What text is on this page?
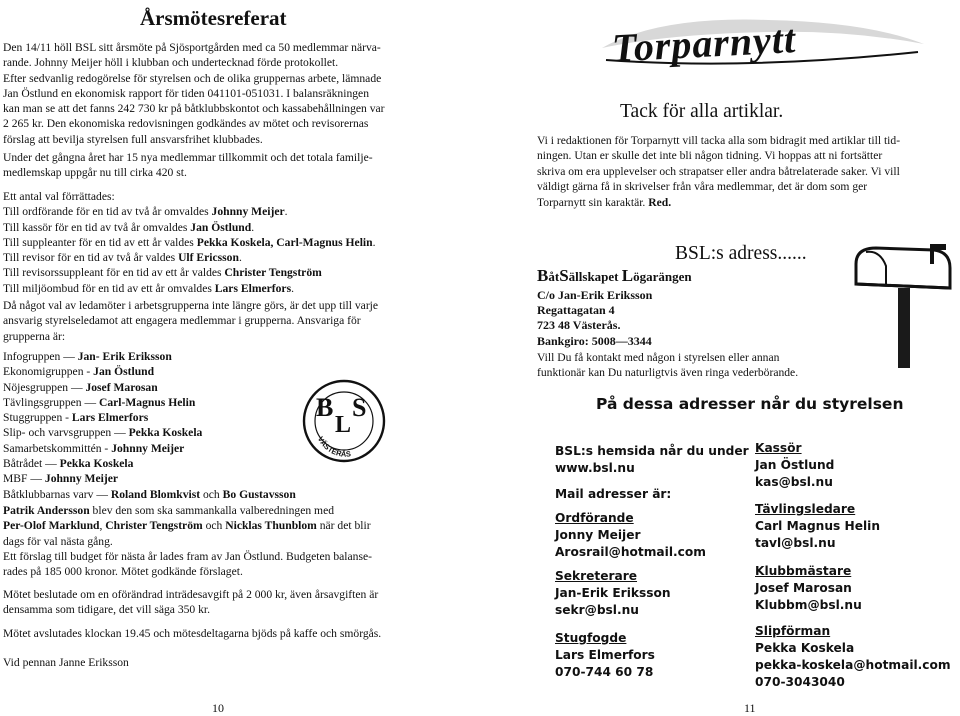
Årsmötesreferat

Den 14/11 höll BSL sitt årsmöte på Sjösportgården med ca 50 medlemmar närva-

rande. Johnny Meijer höll i klubban och undertecknad förde protokollet.

Efter sedvanlig redogörelse för styrelsen och de olika gruppernas arbete, lämnade

Jan Östlund en ekonomisk rapport för tiden 041101-051031. I balansräkningen

kan man se att det fanns 242 730 kr på båtklubbskontot och kassabehållningen var

2 265 kr. Den ekonomiska redovisningen godkändes av mötet och revisorernas

förslag att bevilja styrelsen full ansvarsfrihet klubbades.

Under det gångna året har 15 nya medlemmar tillkommit och det totala familje-

medlemskap uppgår nu till cirka 420 st.

Ett antal val förrättades:

Till ordförande för en tid av två år omvaldes Johnny Meijer.

Till kassör för en tid av två år omvaldes Jan Östlund.

Till suppleanter för en tid av ett år valdes Pekka Koskela, Carl-Magnus Helin.

Till revisor för en tid av två år valdes Ulf Ericsson.

Till revisorssuppleant för en tid av ett år valdes Christer Tengström

Till miljöombud för en tid av ett år omvaldes Lars Elmerfors.

Då något val av ledamöter i arbetsgrupperna inte längre görs, är det upp till varje

ansvarig styrelseledamot att engagera medlemmar i grupperna. Ansvariga för

grupperna är:

Infogruppen — Jan- Erik Eriksson

Ekonomigruppen - Jan Östlund

Nöjesgruppen — Josef Marosan

Tävlingsgruppen — Carl-Magnus Helin

Stuggruppen - Lars Elmerfors

Slip- och varvsgruppen — Pekka Koskela

Samarbetskommittén - Johnny Meijer

Båtrådet — Pekka Koskela

MBF — Johnny Meijer

Båtklubbarnas varv — Roland Blomkvist och Bo Gustavsson

B
L
S
VÄSTERÅS

Patrik Andersson blev den som ska sammankalla valberedningen med

Per-Olof Marklund, Christer Tengström och Nicklas Thunblom när det blir

dags för val nästa gång.

Ett förslag till budget för nästa år lades fram av Jan Östlund. Budgeten balanse-

rades på 185 000 kronor. Mötet godkände förslaget.

Mötet beslutade om en oförändrad inträdesavgift på 2 000 kr, även årsavgiften är

densamma som tidigare, det vill säga 350 kr.

Mötet avslutades klockan 19.45 och mötesdeltagarna bjöds på kaffe och smörgås.
Vid pennan Janne Eriksson
10
Torparnytt
Tack för alla artiklar.
Vi i redaktionen för Torparnytt vill tacka alla som bidragit med artiklar till tid-
ningen. Utan er skulle det inte bli någon tidning. Vi hoppas att ni fortsätter
skriva om era upplevelser och strapatser eller andra båtrelaterade saker. Vi vill
väldigt gärna få in skrivelser från våra medlemmar, det är dom som ger
Torparnytt sin karaktär. Red.
BSL:s adress......
BåtSällskapet Lögarängen
C/o Jan-Erik Eriksson
Regattagatan 4
723 48 Västerås.
Bankgiro: 5008—3344
Vill Du få kontakt med någon i styrelsen eller annan
funktionär kan Du naturligtvis även ringa vederbörande.
På dessa adresser når du styrelsen
BSL:s hemsida når du under
www.bsl.nu
Mail adresser är:
Ordförande
Jonny Meijer
Arosrail@hotmail.com
Sekreterare
Jan-Erik Eriksson
sekr@bsl.nu
Stugfogde
Lars Elmerfors
070-744 60 78
Kassör
Jan Östlund
kas@bsl.nu
Tävlingsledare
Carl Magnus Helin
tavl@bsl.nu
Klubbmästare
Josef Marosan
Klubbm@bsl.nu
Slipförman
Pekka Koskela
pekka-koskela@hotmail.com
070-3043040
11
